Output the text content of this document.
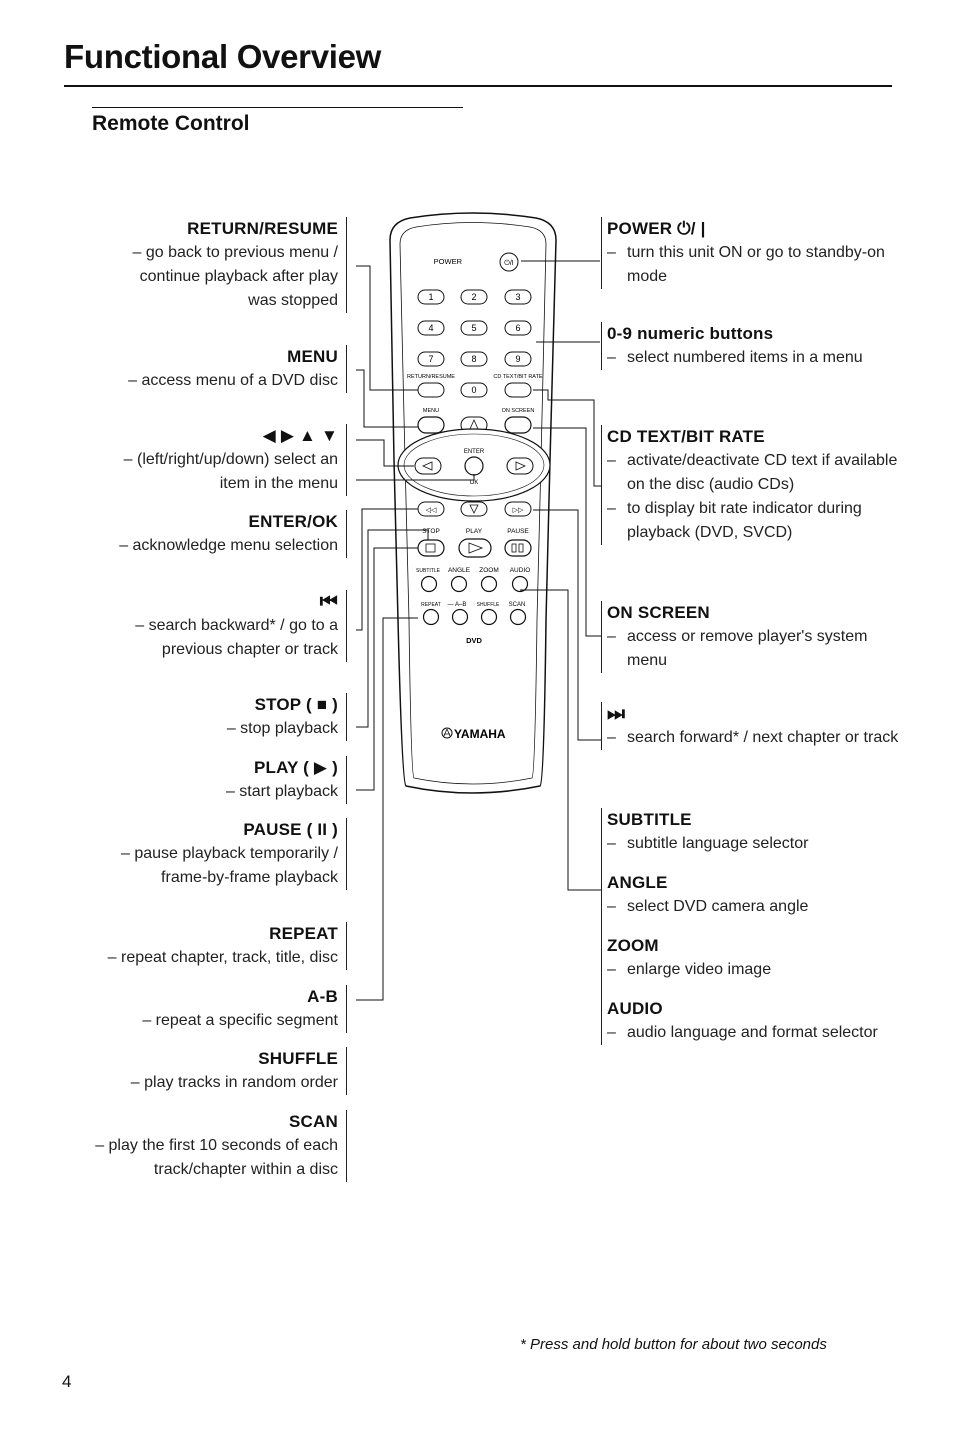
Functional Overview
Remote Control
RETURN/RESUME
– go back to previous menu /
continue playback after play
was stopped
MENU
– access menu of a DVD disc
◀ ▶ ▲ ▼
– (left/right/up/down) select an
item in the menu
ENTER/OK
– acknowledge menu selection
⏮
– search backward* / go to a
previous chapter or track
STOP ( ■ )
– stop playback
PLAY ( ▶ )
– start playback
PAUSE ( II )
– pause playback temporarily /
frame-by-frame playback
REPEAT
– repeat chapter, track, title, disc
A-B
– repeat a specific segment
SHUFFLE
– play tracks in random order
SCAN
– play the first 10 seconds of each
track/chapter within a disc
POWER ⏻/ |
– turn this unit ON or go to standby-on mode
0-9 numeric buttons
– select numbered items in a menu
CD TEXT/BIT RATE
– activate/deactivate CD text if available on the disc (audio CDs)
– to display bit rate indicator during playback (DVD, SVCD)
ON SCREEN
– access or remove player's system menu
⏭
– search forward* / next chapter or track
SUBTITLE
– subtitle language selector
ANGLE
– select DVD camera angle
ZOOM
– enlarge video image
AUDIO
– audio language and format selector
POWER	⏻/I
1	2	3
4	5	6
7	8	9
0
RETURN/RESUME	CD TEXT/BIT RATE
MENU	ON SCREEN
ENTER
OK
◁◁	▷▷
STOP	PLAY	PAUSE
SUBTITLE ANGLE ZOOM AUDIO
REPEAT — A–B SHUFFLE SCAN
DVD
YAMAHA
* Press and hold button for about two seconds
4
